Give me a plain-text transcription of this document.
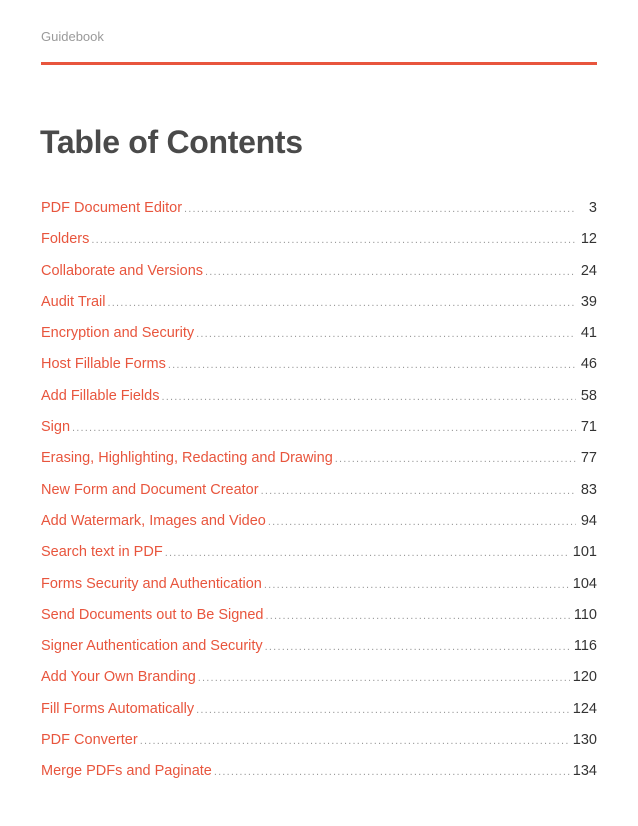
Guidebook
Table of Contents
PDF Document Editor .....	3
Folders .....	12
Collaborate and Versions .....	24
Audit Trail .....	39
Encryption and Security .....	41
Host Fillable Forms .....	46
Add Fillable Fields .....	58
Sign .....	71
Erasing, Highlighting, Redacting and Drawing .....	77
New Form and Document Creator .....	83
Add Watermark, Images and Video .....	94
Search text in PDF .....	101
Forms Security and Authentication .....	104
Send Documents out to Be Signed .....	110
Signer Authentication and Security .....	116
Add Your Own Branding .....	120
Fill Forms Automatically .....	124
PDF Converter .....	130
Merge PDFs and Paginate .....	134
